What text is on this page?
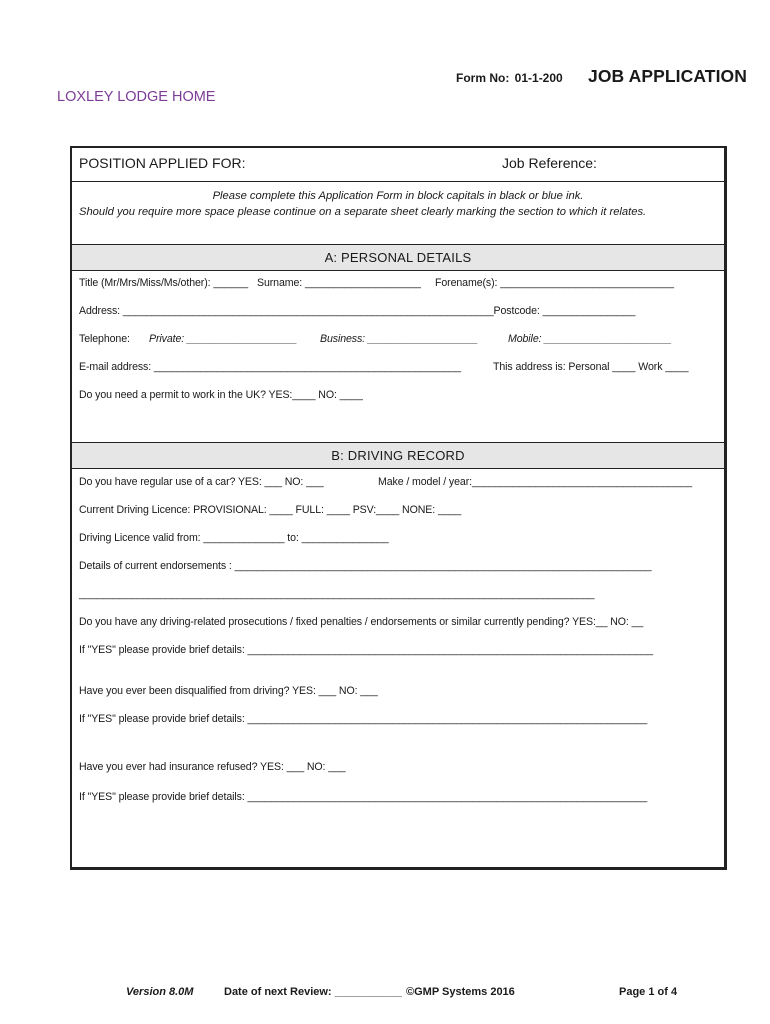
Form No: 01-1-200 JOB APPLICATION
LOXLEY LODGE HOME
POSITION APPLIED FOR:	Job Reference:
Please complete this Application Form in block capitals in black or blue ink.
Should you require more space please continue on a separate sheet clearly marking the section to which it relates.
A: PERSONAL DETAILS
Title (Mr/Mrs/Miss/Ms/other): ______ Surname: ____________________ Forename(s): ______________________________
Address: ________________________________________________________________Postcode: ________________
Telephone: Private: ___________________ Business: ___________________	Mobile: ______________________
E-mail address: _____________________________________________________	This address is: Personal ____ Work ____
Do you need a permit to work in the UK? YES:____ NO: ____
B: DRIVING RECORD
Do you have regular use of a car? YES: ___ NO: ___	Make / model / year:______________________________________
Current Driving Licence: PROVISIONAL: ____ FULL: ____ PSV:____ NONE: ____
Driving Licence valid from: ______________ to: _______________
Details of current endorsements : ________________________________________________________________________
_________________________________________________________________________________________
Do you have any driving-related prosecutions / fixed penalties / endorsements or similar currently pending? YES:__ NO: __
If "YES" please provide brief details: ______________________________________________________________________
Have you ever been disqualified from driving? YES: ___ NO: ___
If "YES" please provide brief details: _____________________________________________________________________
Have you ever had insurance refused? YES: ___ NO: ___
If "YES" please provide brief details: _____________________________________________________________________
Version 8.0M	Date of next Review: ___________ ©GMP Systems 2016	Page 1 of 4
